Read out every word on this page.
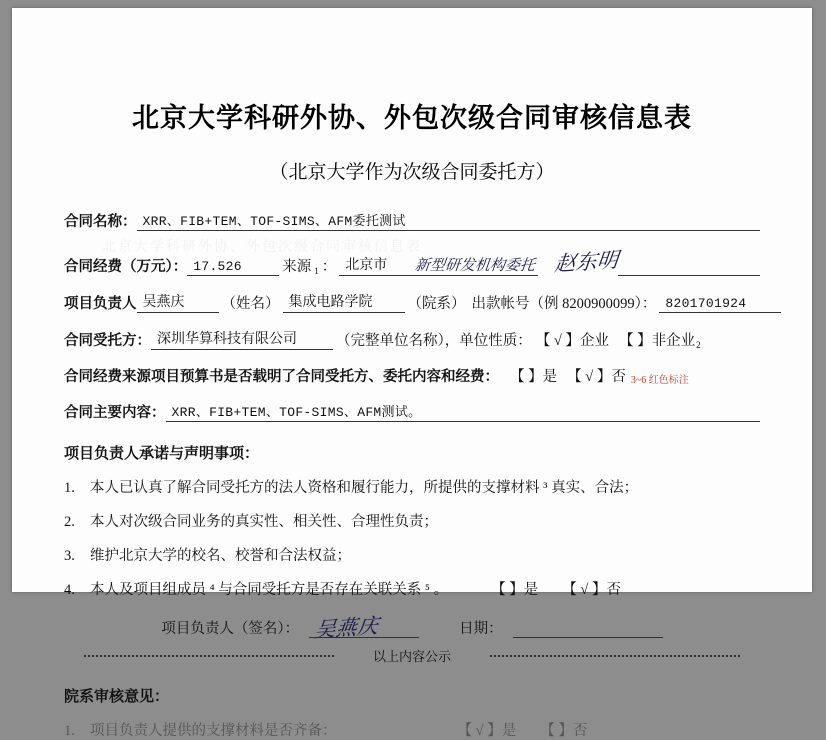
北京大学科研外协、外包次级合同审核信息表
北京大学科研外协、外包次级合同审核信息表
（北京大学作为次级合同委托方）
合同名称： XRR、FIB+TEM、TOF-SIMS、AFM委托测试
合同经费（万元）： 17.526	来源 1 ： 北京市	新型研发机构委托 赵东明
项目负责人 吴燕庆	（姓名） 集成电路学院	（院系） 出款帐号（例 8200900099）： 8201701924
合同受托方： 深圳华算科技有限公司	（完整单位名称），单位性质： 【 √ 】企业 【 】非企业 2
合同经费来源项目预算书是否载明了合同受托方、委托内容和经费： 【 】是 【 √ 】否 3~6 红色标注
合同主要内容： XRR、FIB+TEM、TOF-SIMS、AFM测试。
项目负责人承诺与声明事项：
1.	本人已认真了解合同受托方的法人资格和履行能力，所提供的支撑材料 ³ 真实、合法；
2.	本人对次级合同业务的真实性、相关性、合理性负责；
3.	维护北京大学的校名、校誉和合法权益；
4.	本人及项目组成员 ⁴ 与合同受托方是否存在关联关系 ⁵ 。	【 】是 【 √ 】否
项目负责人（签名）： 吴燕庆	日期：
以上内容公示
院系审核意见：
1.	项目负责人提供的支撑材料是否齐备：	【 √ 】是 【 】否
